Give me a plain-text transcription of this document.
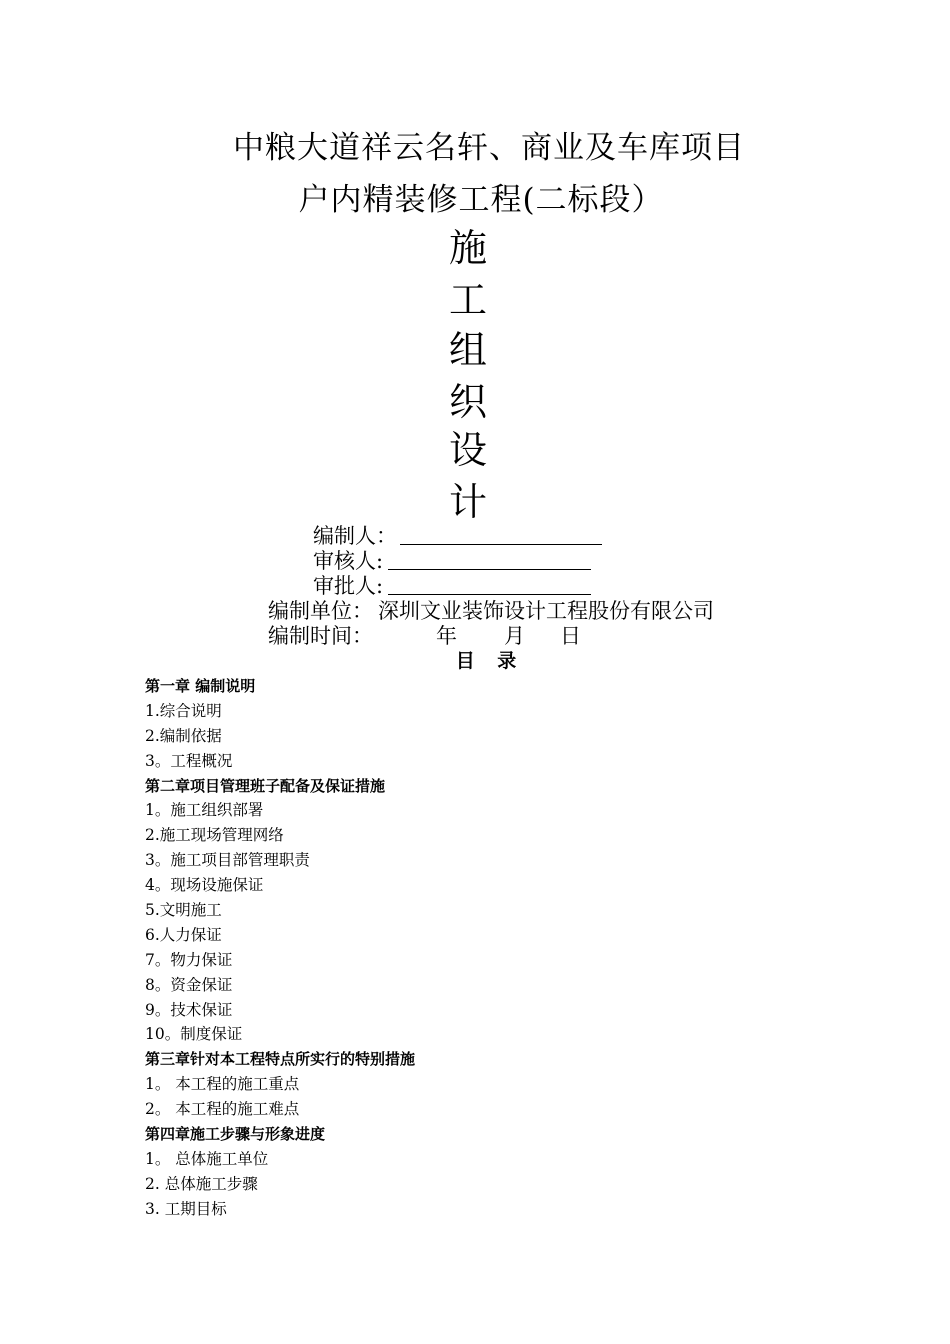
中粮大道祥云名轩、商业及车库项目
户内精装修工程(二标段）
施
工
组
织
设
计
编制人：
审核人:
审批人:
编制单位： 深圳文业装饰设计工程股份有限公司
编制时间：	年 月 日
目 录
第一章 编制说明
1.综合说明
2.编制依据
3。工程概况
第二章项目管理班子配备及保证措施
1。施工组织部署
2.施工现场管理网络
3。施工项目部管理职责
4。现场设施保证
5.文明施工
6.人力保证
7。物力保证
8。资金保证
9。技术保证
10。制度保证
第三章针对本工程特点所实行的特别措施
1。 本工程的施工重点
2。 本工程的施工难点
第四章施工步骤与形象进度
1。 总体施工单位
2. 总体施工步骤
3. 工期目标
